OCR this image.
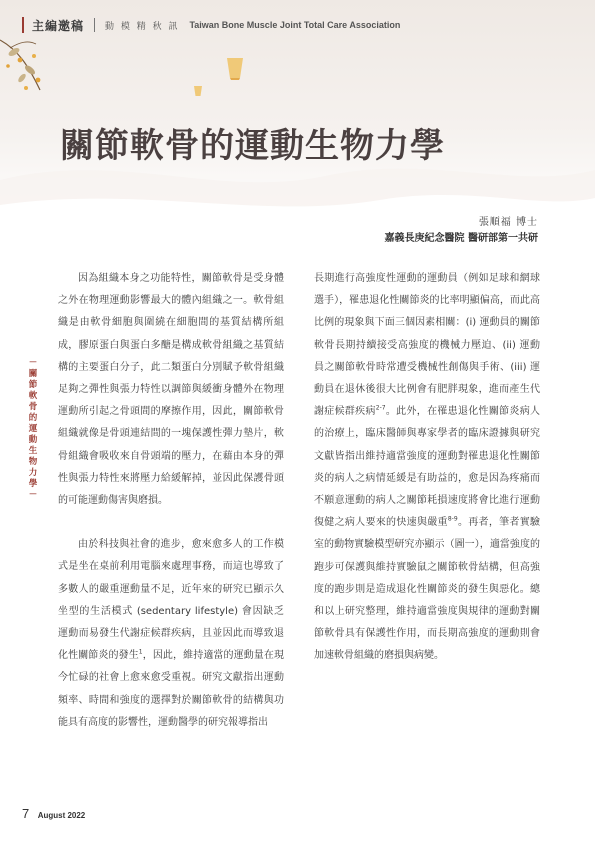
主編邀稿 動 模 精 秋 訊 Taiwan Bone Muscle Joint Total Care Association
關節軟骨的運動生物力學
張順福 博士
嘉義長庚紀念醫院 醫研部第一共研
－關節軟骨的運動生物力學－

因為組織本身之功能特性，關節軟骨是受身體之外在物理運動影響最大的體內組織之一。軟骨組織是由軟骨細胞與圍繞在細胞間的基質結構所組成，膠原蛋白與蛋白多醣是構成軟骨組織之基質結構的主要蛋白分子，此二類蛋白分別賦予軟骨組織足夠之彈性與張力特性以調節與緩衝身體外在物理運動所引起之骨頭間的摩擦作用，因此，關節軟骨組織就像是骨頭連結間的一塊保護性彈力墊片，軟骨組織會吸收來自骨頭端的壓力，在藉由本身的彈性與張力特性來將壓力給緩解掉，並因此保護骨頭的可能運動傷害與磨損。

由於科技與社會的進步，愈來愈多人的工作模式是坐在桌前利用電腦來處理事務，而這也導致了多數人的嚴重運動量不足，近年來的研究已顯示久坐型的生活模式 (sedentary lifestyle) 會因缺乏運動而易發生代謝症候群疾病，且並因此而導致退化性關節炎的發生$^1$，因此，維持適當的運動量在現今忙碌的社會上愈來愈受重視。研究文獻指出運動頻率、時間和強度的選擇對於關節軟骨的結構與功能具有高度的影響性，運動醫學的研究報導指出

長期進行高強度性運動的運動員（例如足球和網球選手），罹患退化性關節炎的比率明顯偏高，而此高比例的現象與下面三個因素相關：(i) 運動員的關節軟骨長期持續接受高強度的機械力壓迫、(ii) 運動員之關節軟骨時常遭受機械性創傷與手術、(iii) 運動員在退休後很大比例會有肥胖現象，進而產生代謝症候群疾病$^{2-7}$。此外，在罹患退化性關節炎病人的治療上，臨床醫師與專家學者的臨床證據與研究文獻皆指出維持適當強度的運動對罹患退化性關節炎的病人之病情延緩是有助益的，愈是因為疼痛而不願意運動的病人之關節耗損速度將會比進行運動復健之病人要來的快速與嚴重$^{8-9}$。再者，筆者實驗室的動物實驗模型研究亦顯示（圖一），適當強度的跑步可保護與維持實驗鼠之關節軟骨結構，但高強度的跑步則是造成退化性關節炎的發生與惡化。總和以上研究整理，維持適當強度與規律的運動對關節軟骨具有保護性作用，而長期高強度的運動則會加速軟骨組織的磨損與病變。

7 August 2022
